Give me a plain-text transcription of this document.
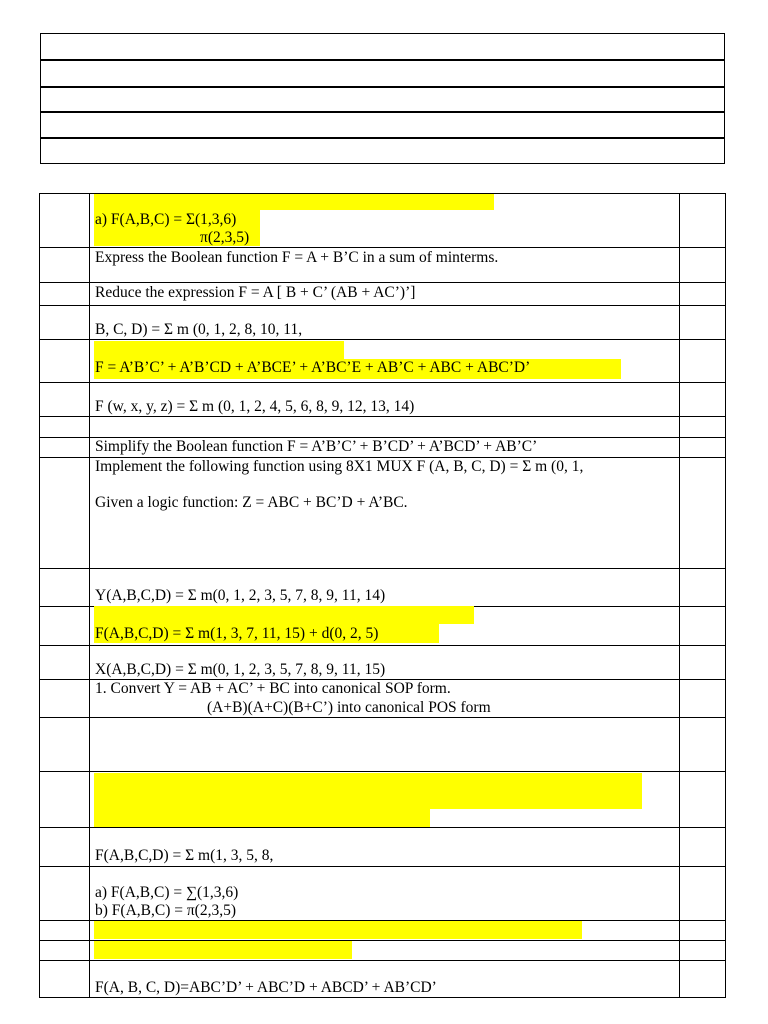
a) F(A,B,C) = Σ(1,3,6)
π(2,3,5)
Express the Boolean function F = A + B’C in a sum of minterms.
Reduce the expression F = A [ B + C’ (AB + AC’)’]
B, C, D) = Σ m (0, 1, 2, 8, 10, 11,
F = A’B’C’ + A’B’CD + A’BCE’ + A’BC’E + AB’C + ABC + ABC’D’
F (w, x, y, z) = Σ m (0, 1, 2, 4, 5, 6, 8, 9, 12, 13, 14)
Simplify the Boolean function F = A’B’C’ + B’CD’ + A’BCD’ + AB’C’
Implement the following function using 8X1 MUX F (A, B, C, D) = Σ m (0, 1,
Given a logic function: Z = ABC + BC’D + A’BC.
Y(A,B,C,D) = Σ m(0, 1, 2, 3, 5, 7, 8, 9, 11, 14)
F(A,B,C,D) = Σ m(1, 3, 7, 11, 15) + d(0, 2, 5)
X(A,B,C,D) = Σ m(0, 1, 2, 3, 5, 7, 8, 9, 11, 15)
1. Convert Y = AB + AC’ + BC into canonical SOP form.
(A+B)(A+C)(B+C’) into canonical POS form
F(A,B,C,D) = Σ m(1, 3, 5, 8,
a) F(A,B,C) = ∑(1,3,6)
b) F(A,B,C) = π(2,3,5)
F(A, B, C, D)=ABC’D’ + ABC’D + ABCD’ + AB’CD’
